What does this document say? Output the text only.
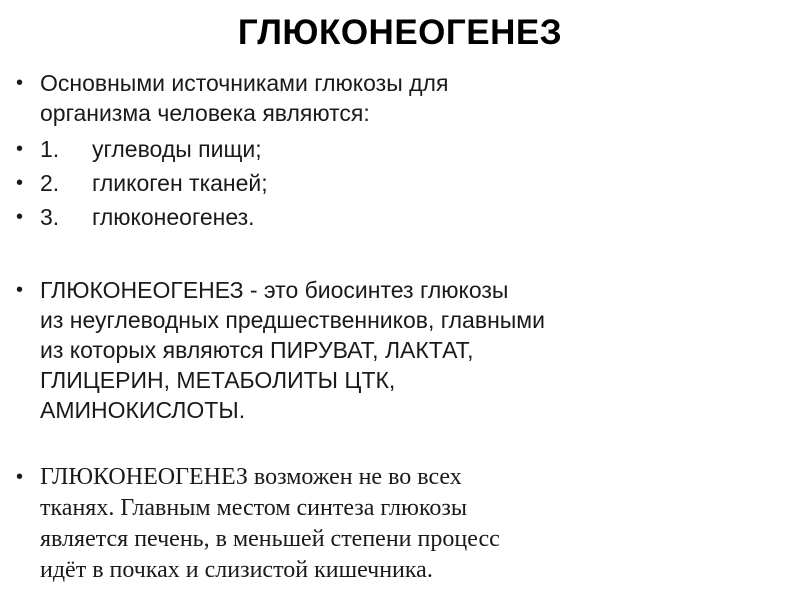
ГЛЮКОНЕОГЕНЕЗ
• Основными источниками глюкозы для
организма человека являются:
• 1. углеводы пищи;
• 2. гликоген тканей;
• 3. глюконеогенез.
• ГЛЮКОНЕОГЕНЕЗ - это биосинтез глюкозы
из неуглеводных предшественников, главными
из которых являются ПИРУВАТ, ЛАКТАТ,
ГЛИЦЕРИН, МЕТАБОЛИТЫ ЦТК,
АМИНОКИСЛОТЫ.
• ГЛЮКОНЕОГЕНЕЗ возможен не во всех
тканях. Главным местом синтеза глюкозы
является печень, в меньшей степени процесс
идёт в почках и слизистой кишечника.
